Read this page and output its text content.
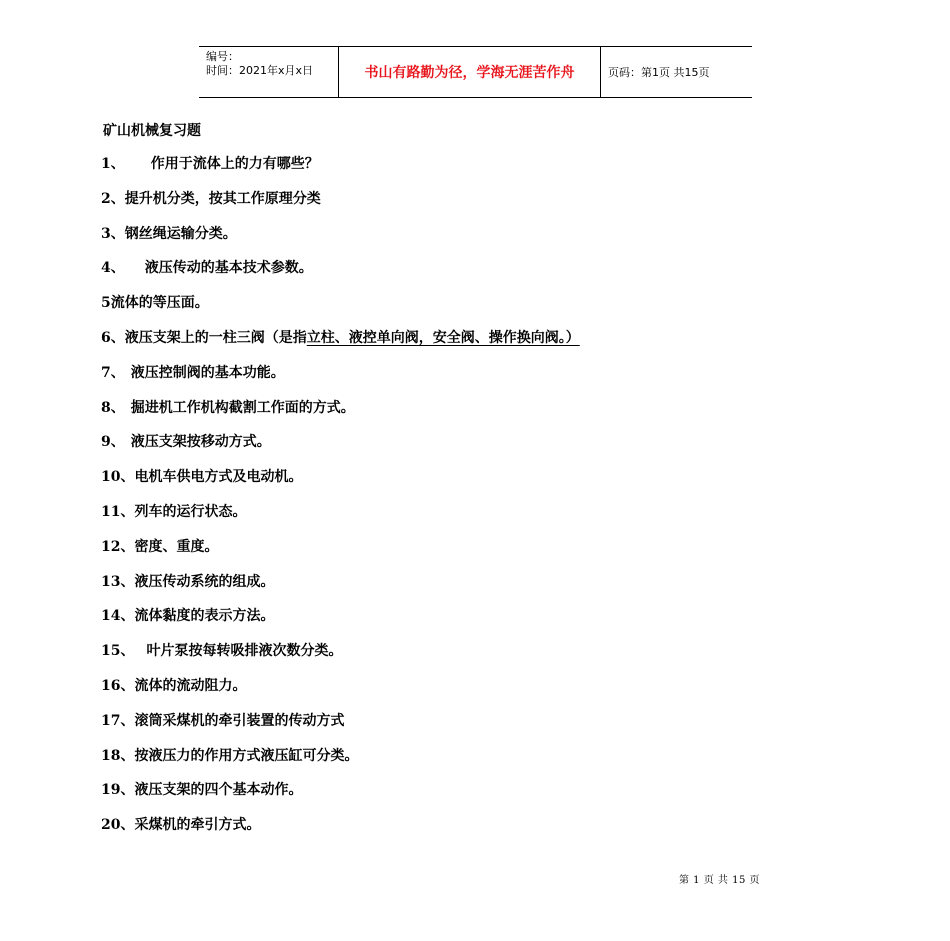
编号：
时间：2021年x月x日	书山有路勤为径，学海无涯苦作舟	页码：第1页 共15页
矿山机械复习题
1、 作用于流体上的力有哪些？
2、提升机分类，按其工作原理分类
3、钢丝绳运输分类。
4、 液压传动的基本技术参数。
5流体的等压面。
6、液压支架上的一柱三阀（是指立柱、液控单向阀，安全阀、操作换向阀。）
7、 液压控制阀的基本功能。
8、 掘进机工作机构截割工作面的方式。
9、 液压支架按移动方式。
10、电机车供电方式及电动机。
11、列车的运行状态。
12、密度、重度。
13、液压传动系统的组成。
14、流体黏度的表示方法。
15、 叶片泵按每转吸排液次数分类。
16、流体的流动阻力。
17、滚筒采煤机的牵引装置的传动方式
18、按液压力的作用方式液压缸可分类。
19、液压支架的四个基本动作。
20、采煤机的牵引方式。
第 1 页 共 15 页
